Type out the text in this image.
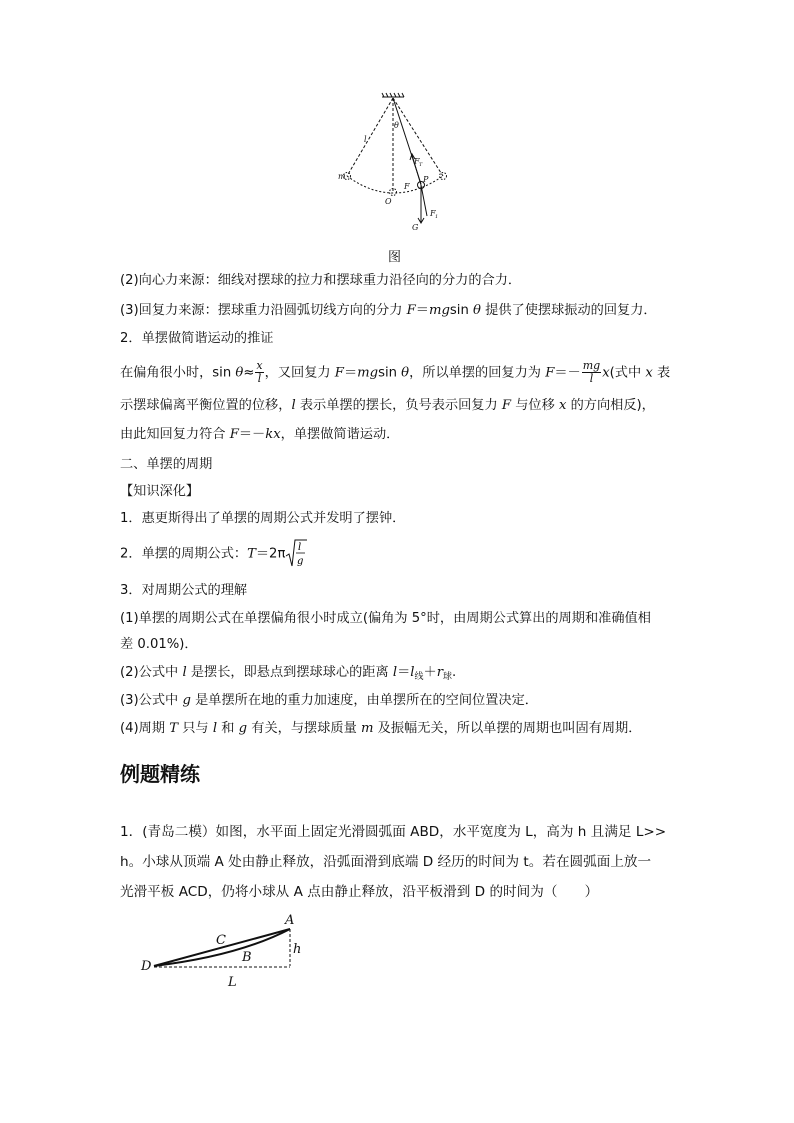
θ
l
m
O
P
F
F T
F 1
G
图
(2)向心力来源：细线对摆球的拉力和摆球重力沿径向的分力的合力．
(3)回复力来源：摆球重力沿圆弧切线方向的分力 F＝mgsin θ 提供了使摆球振动的回复力．
2．单摆做简谐运动的推证
在偏角很小时，$\sin \theta\approx \frac{x}{l}$ ，又回复力 F＝mgsin θ，所以单摆的回复力为 $F=- \frac{mg}{l} x$(式中 x 表
示摆球偏离平衡位置的位移，l 表示单摆的摆长，负号表示回复力 F 与位移 x 的方向相反)，
由此知回复力符合 F＝－kx，单摆做简谐运动．
二、单摆的周期
【知识深化】
1．惠更斯得出了单摆的周期公式并发明了摆钟．
2．单摆的周期公式：T＝2π l
g
3．对周期公式的理解
(1)单摆的周期公式在单摆偏角很小时成立(偏角为 5°时，由周期公式算出的周期和准确值相
差 0.01%)．
(2)公式中 l 是摆长，即悬点到摆球球心的距离 $l=l_线+r_球$.
(3)公式中 g 是单摆所在地的重力加速度，由单摆所在的空间位置决定．
(4)周期 T 只与 l 和 g 有关，与摆球质量 m 及振幅无关，所以单摆的周期也叫固有周期．
例题精练
1．(青岛二模）如图，水平面上固定光滑圆弧面 ABD，水平宽度为 L，高为 h 且满足 L>>
h。小球从顶端 A 处由静止释放，沿弧面滑到底端 D 经历的时间为 t。若在圆弧面上放一
光滑平板 ACD，仍将小球从 A 点由静止释放，沿平板滑到 D 的时间为（　　）
A
B
C
D
h
L
